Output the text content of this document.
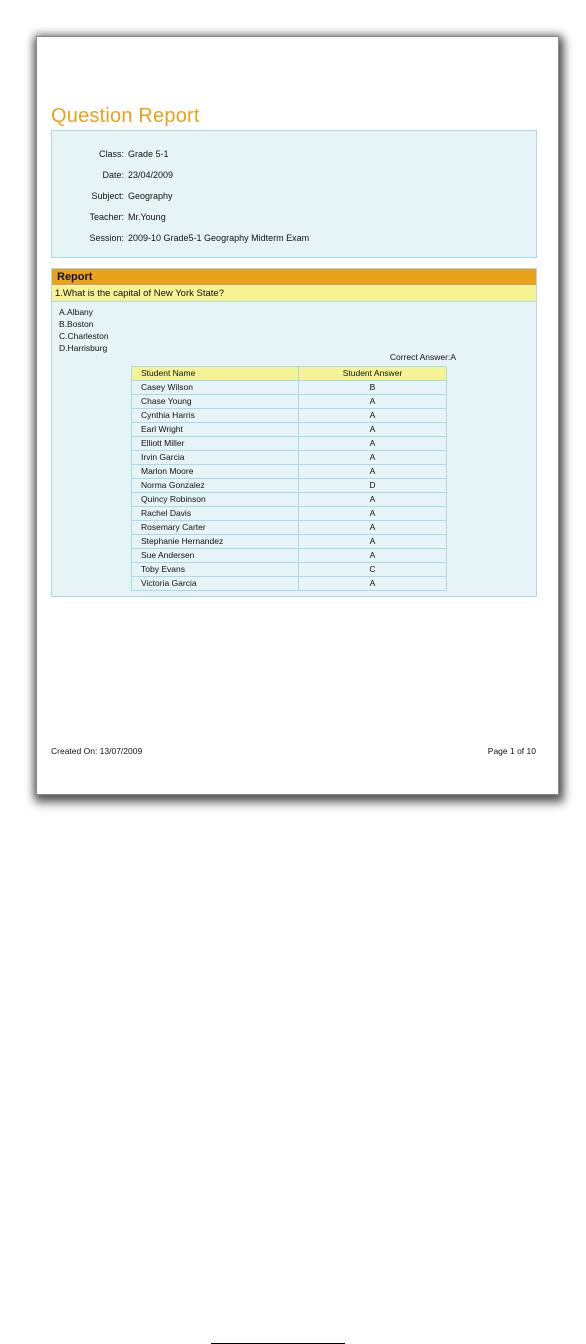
Question Report
Class: Grade 5-1
Date: 23/04/2009
Subject: Geography
Teacher: Mr.Young
Session: 2009-10 Grade5-1 Geography Midterm Exam
Report
1.What is the capital of New York State?
A.Albany
B.Boston
C.Charleston
D.Harrisburg
Correct Answer:A
Student Name	Student Answer
Casey Wilson	B
Chase Young	A
Cynthia Harris	A
Earl Wright	A
Elliott Miller	A
Irvin Garcia	A
Marlon Moore	A
Norma Gonzalez	D
Quincy Robinson	A
Rachel Davis	A
Rosemary Carter	A
Stephanie Hernandez	A
Sue Andersen	A
Toby Evans	C
Victoria Garcia	A
Created On: 13/07/2009	Page 1 of 10
